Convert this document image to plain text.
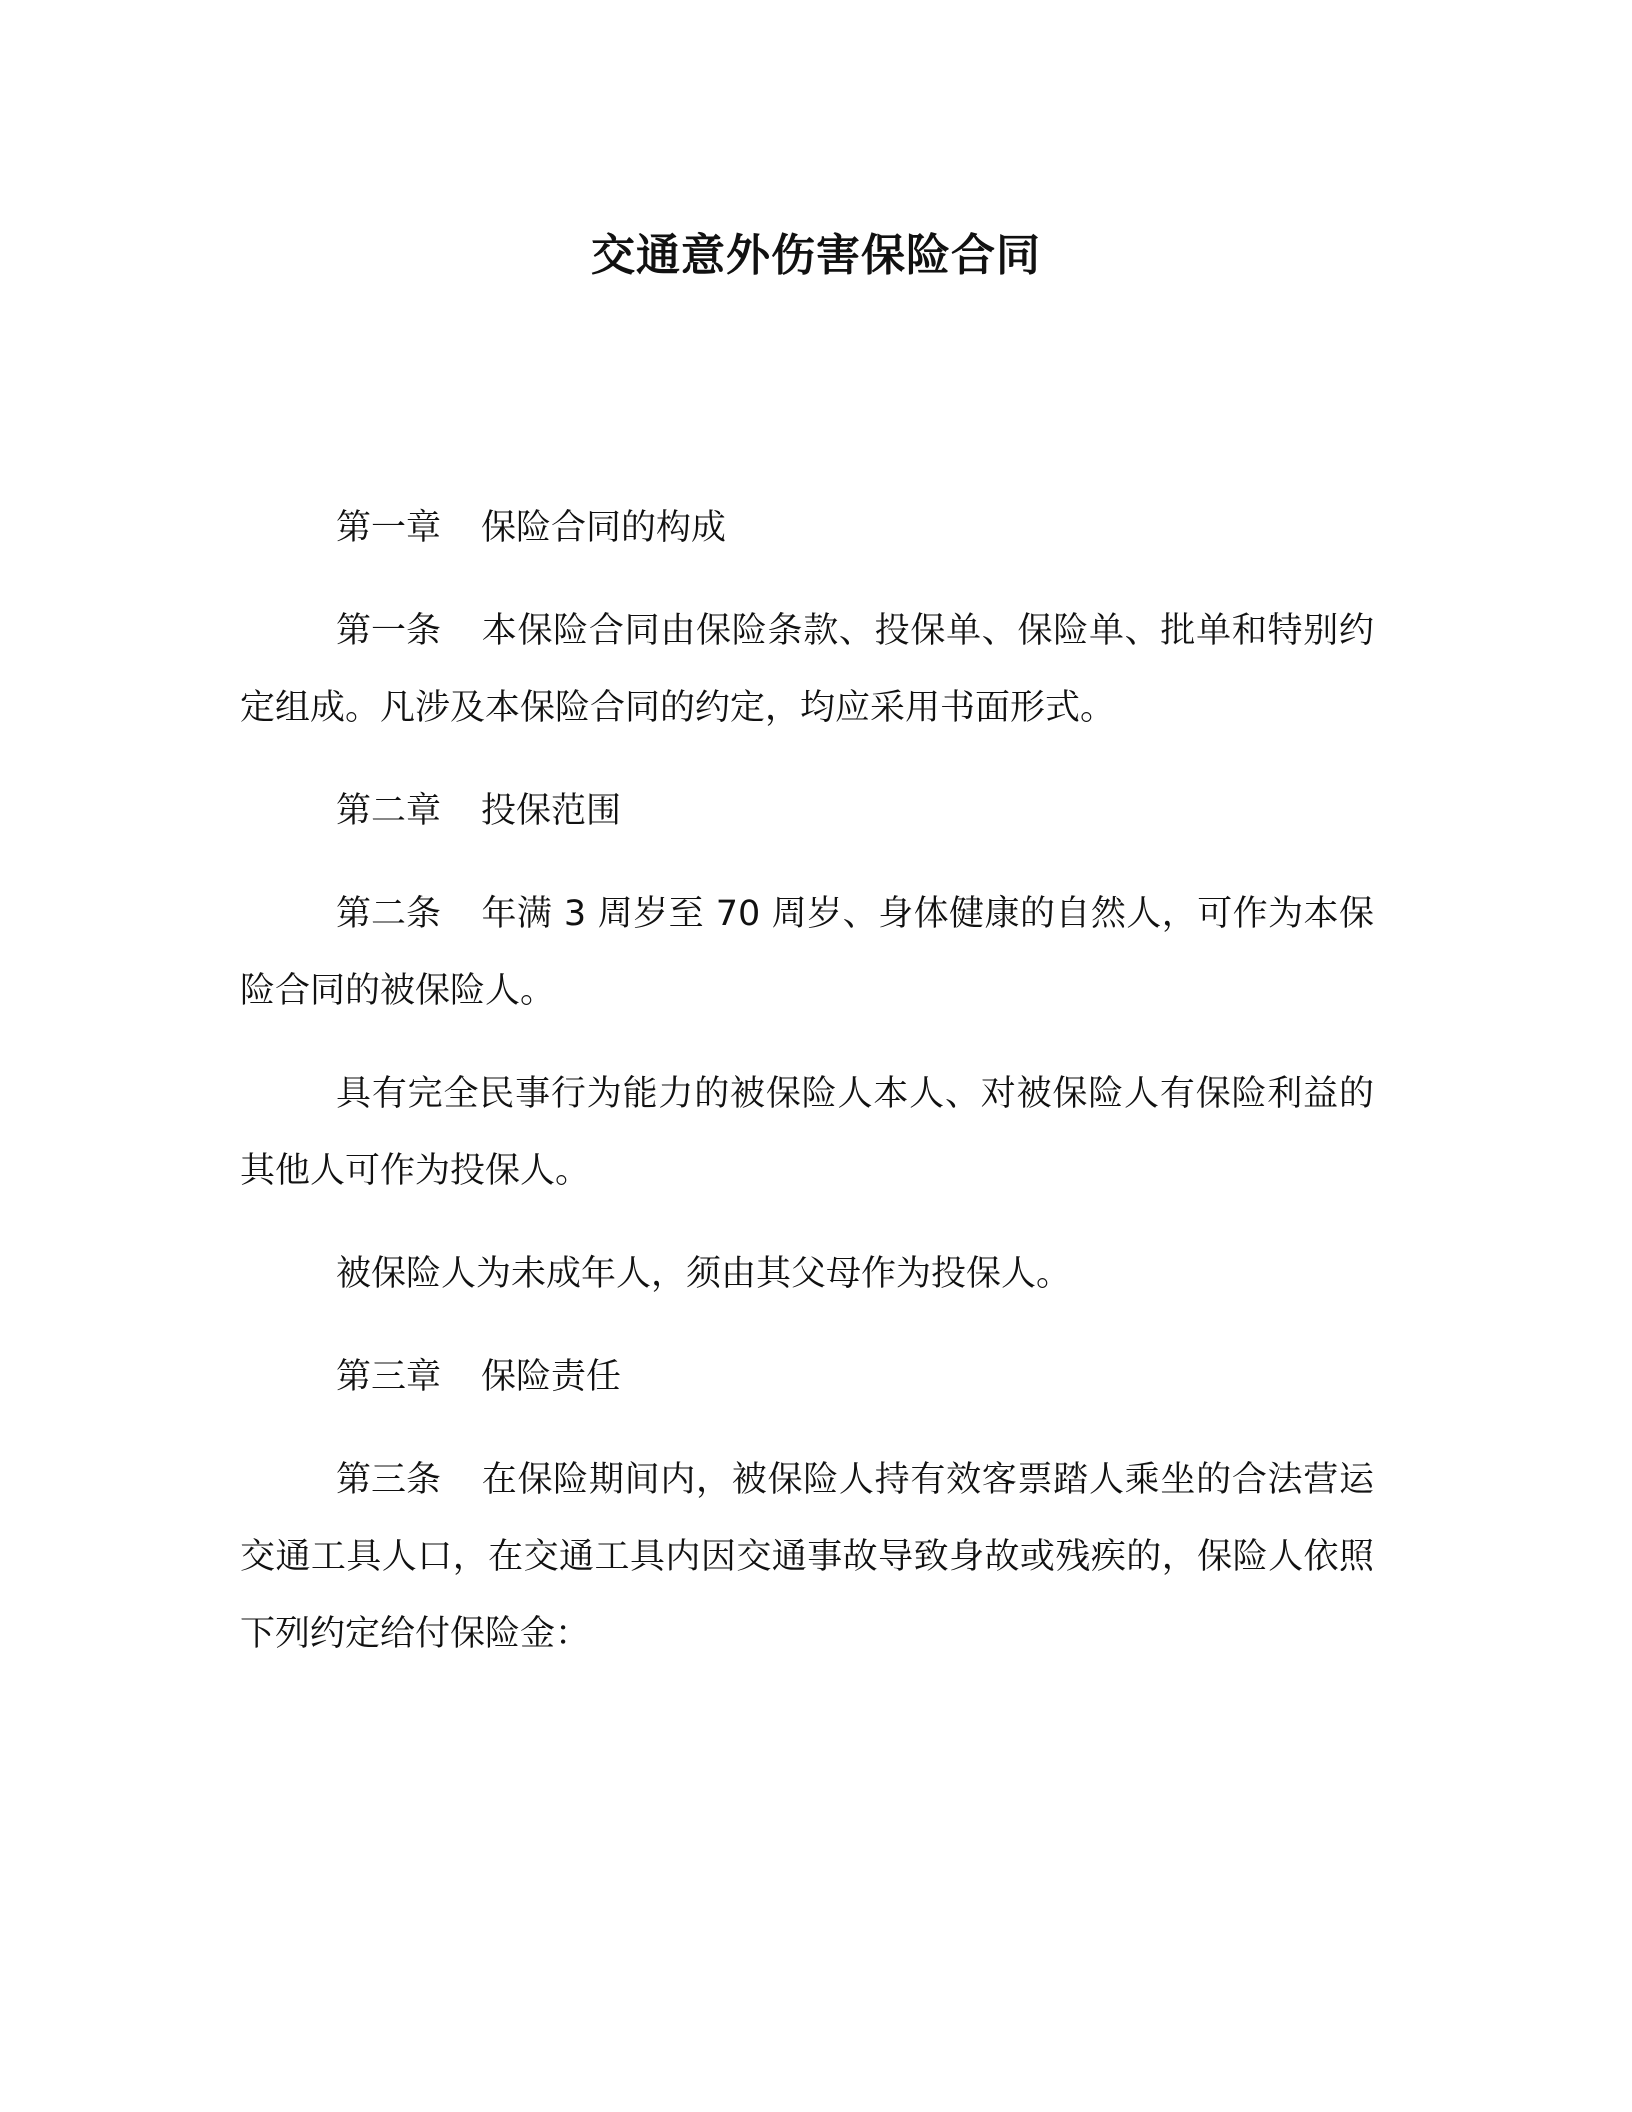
交通意外伤害保险合同

第一章 保险合同的构成

第一条 本保险合同由保险条款、投保单、保险单、批单和特别约定组成。凡涉及本保险合同的约定，均应采用书面形式。

第二章 投保范围

第二条 年满 3 周岁至 70 周岁、身体健康的自然人，可作为本保险合同的被保险人。

具有完全民事行为能力的被保险人本人、对被保险人有保险利益的其他人可作为投保人。

被保险人为未成年人，须由其父母作为投保人。

第三章 保险责任

第三条 在保险期间内，被保险人持有效客票踏人乘坐的合法营运交通工具人口，在交通工具内因交通事故导致身故或残疾的，保险人依照下列约定给付保险金：
